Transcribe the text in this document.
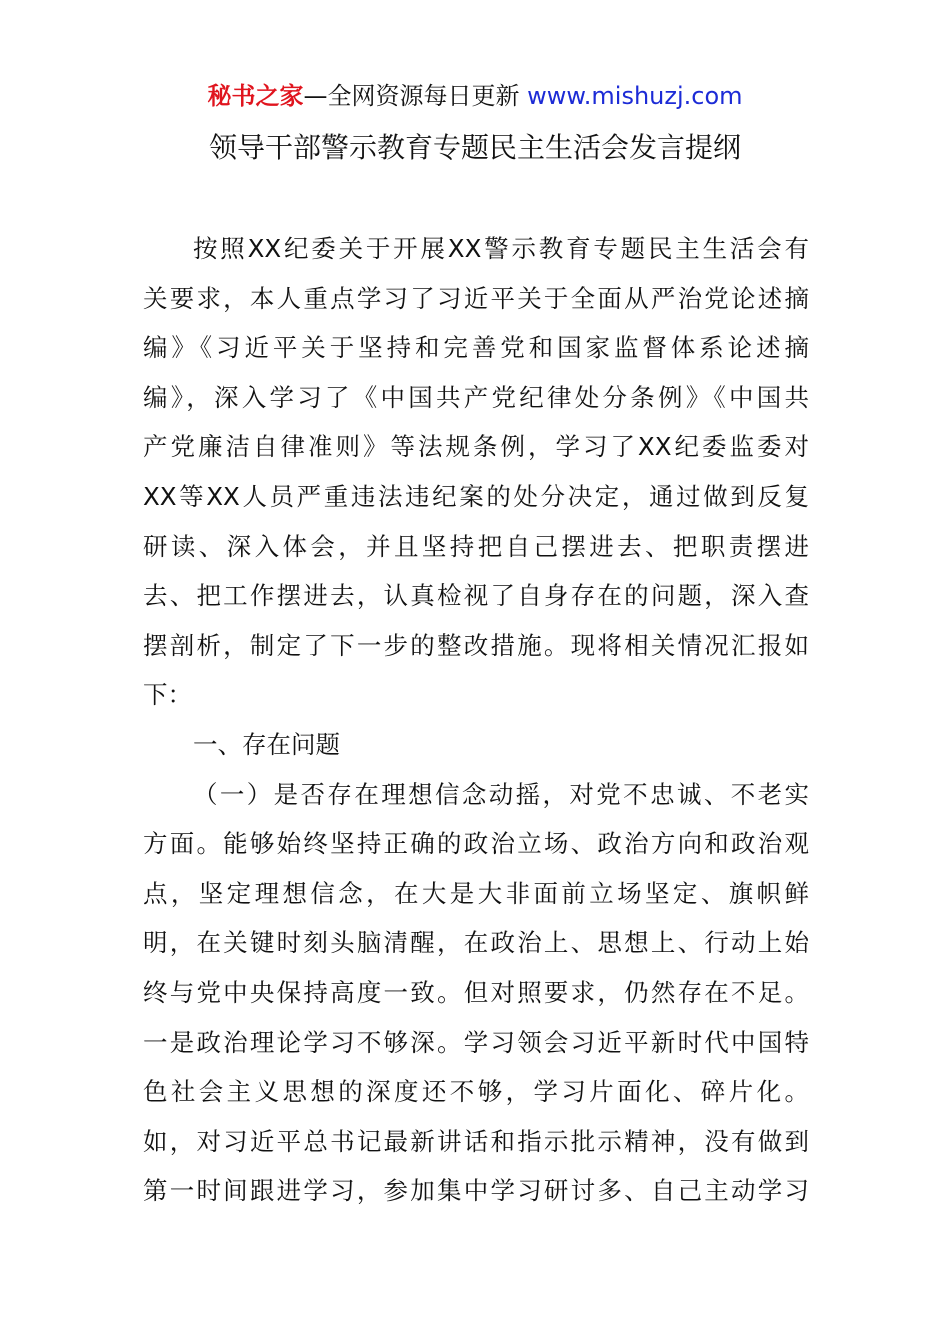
秘书之家—全网资源每日更新 www.mishuzj.com
领导干部警示教育专题民主生活会发言提纲
按照XX纪委关于开展XX警示教育专题民主生活会有
关要求，本人重点学习了习近平关于全面从严治党论述摘
编》《习近平关于坚持和完善党和国家监督体系论述摘
编》，深入学习了《中国共产党纪律处分条例》《中国共
产党廉洁自律准则》等法规条例，学习了XX纪委监委对
XX等XX人员严重违法违纪案的处分决定，通过做到反复
研读、深入体会，并且坚持把自己摆进去、把职责摆进
去、把工作摆进去，认真检视了自身存在的问题，深入查
摆剖析，制定了下一步的整改措施。现将相关情况汇报如
下：
一、存在问题
（一）是否存在理想信念动摇，对党不忠诚、不老实
方面。能够始终坚持正确的政治立场、政治方向和政治观
点，坚定理想信念，在大是大非面前立场坚定、旗帜鲜
明，在关键时刻头脑清醒，在政治上、思想上、行动上始
终与党中央保持高度一致。但对照要求，仍然存在不足。
一是政治理论学习不够深。学习领会习近平新时代中国特
色社会主义思想的深度还不够，学习片面化、碎片化。
如，对习近平总书记最新讲话和指示批示精神，没有做到
第一时间跟进学习，参加集中学习研讨多、自己主动学习
